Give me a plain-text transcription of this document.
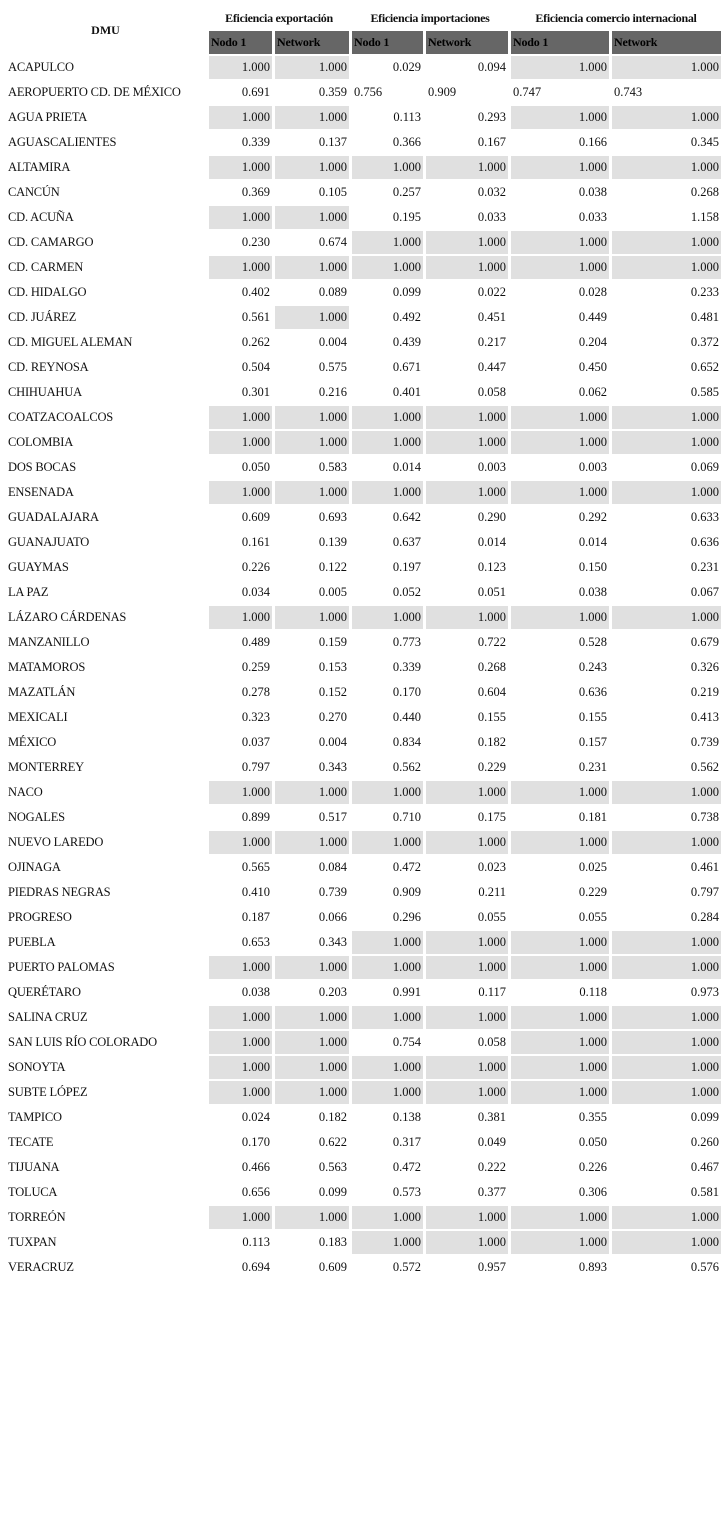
DMU	Eficiencia exportación		Eficiencia importaciones		Eficiencia comercio internacional	
	Nodo 1	Network	Nodo 1	Network	Nodo 1	Network
ACAPULCO	1.000	1.000	0.029	0.094	1.000	1.000
AEROPUERTO CD. DE MÉXICO	0.691	0.359	0.756	0.909	0.747	0.743
AGUA PRIETA	1.000	1.000	0.113	0.293	1.000	1.000
AGUASCALIENTES	0.339	0.137	0.366	0.167	0.166	0.345
ALTAMIRA	1.000	1.000	1.000	1.000	1.000	1.000
CANCÚN	0.369	0.105	0.257	0.032	0.038	0.268
CD. ACUÑA	1.000	1.000	0.195	0.033	0.033	1.158
CD. CAMARGO	0.230	0.674	1.000	1.000	1.000	1.000
CD. CARMEN	1.000	1.000	1.000	1.000	1.000	1.000
CD. HIDALGO	0.402	0.089	0.099	0.022	0.028	0.233
CD. JUÁREZ	0.561	1.000	0.492	0.451	0.449	0.481
CD. MIGUEL ALEMAN	0.262	0.004	0.439	0.217	0.204	0.372
CD. REYNOSA	0.504	0.575	0.671	0.447	0.450	0.652
CHIHUAHUA	0.301	0.216	0.401	0.058	0.062	0.585
COATZACOALCOS	1.000	1.000	1.000	1.000	1.000	1.000
COLOMBIA	1.000	1.000	1.000	1.000	1.000	1.000
DOS BOCAS	0.050	0.583	0.014	0.003	0.003	0.069
ENSENADA	1.000	1.000	1.000	1.000	1.000	1.000
GUADALAJARA	0.609	0.693	0.642	0.290	0.292	0.633
GUANAJUATO	0.161	0.139	0.637	0.014	0.014	0.636
GUAYMAS	0.226	0.122	0.197	0.123	0.150	0.231
LA PAZ	0.034	0.005	0.052	0.051	0.038	0.067
LÁZARO CÁRDENAS	1.000	1.000	1.000	1.000	1.000	1.000
MANZANILLO	0.489	0.159	0.773	0.722	0.528	0.679
MATAMOROS	0.259	0.153	0.339	0.268	0.243	0.326
MAZATLÁN	0.278	0.152	0.170	0.604	0.636	0.219
MEXICALI	0.323	0.270	0.440	0.155	0.155	0.413
MÉXICO	0.037	0.004	0.834	0.182	0.157	0.739
MONTERREY	0.797	0.343	0.562	0.229	0.231	0.562
NACO	1.000	1.000	1.000	1.000	1.000	1.000
NOGALES	0.899	0.517	0.710	0.175	0.181	0.738
NUEVO LAREDO	1.000	1.000	1.000	1.000	1.000	1.000
OJINAGA	0.565	0.084	0.472	0.023	0.025	0.461
PIEDRAS NEGRAS	0.410	0.739	0.909	0.211	0.229	0.797
PROGRESO	0.187	0.066	0.296	0.055	0.055	0.284
PUEBLA	0.653	0.343	1.000	1.000	1.000	1.000
PUERTO PALOMAS	1.000	1.000	1.000	1.000	1.000	1.000
QUERÉTARO	0.038	0.203	0.991	0.117	0.118	0.973
SALINA CRUZ	1.000	1.000	1.000	1.000	1.000	1.000
SAN LUIS RÍO COLORADO	1.000	1.000	0.754	0.058	1.000	1.000
SONOYTA	1.000	1.000	1.000	1.000	1.000	1.000
SUBTE LÓPEZ	1.000	1.000	1.000	1.000	1.000	1.000
TAMPICO	0.024	0.182	0.138	0.381	0.355	0.099
TECATE	0.170	0.622	0.317	0.049	0.050	0.260
TIJUANA	0.466	0.563	0.472	0.222	0.226	0.467
TOLUCA	0.656	0.099	0.573	0.377	0.306	0.581
TORREÓN	1.000	1.000	1.000	1.000	1.000	1.000
TUXPAN	0.113	0.183	1.000	1.000	1.000	1.000
VERACRUZ	0.694	0.609	0.572	0.957	0.893	0.576
